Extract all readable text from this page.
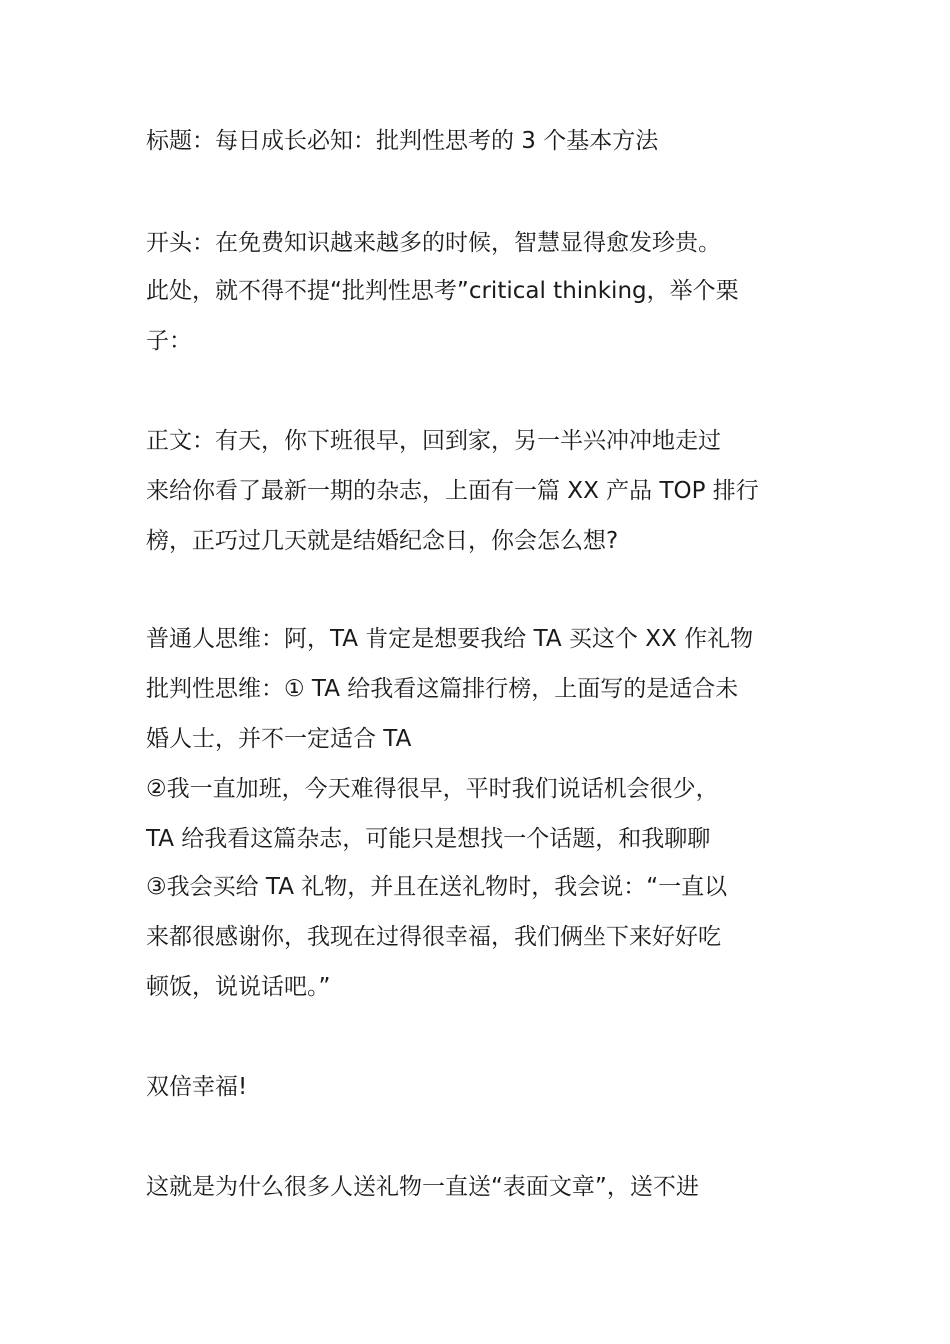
标题：每日成长必知：批判性思考的 3 个基本方法
开头：在免费知识越来越多的时候，智慧显得愈发珍贵。
此处，就不得不提“批判性思考”critical thinking，举个栗
子：
正文：有天，你下班很早，回到家，另一半兴冲冲地走过
来给你看了最新一期的杂志，上面有一篇 XX 产品 TOP 排行
榜，正巧过几天就是结婚纪念日，你会怎么想?
普通人思维：阿，TA 肯定是想要我给 TA 买这个 XX 作礼物
批判性思维：① TA 给我看这篇排行榜，上面写的是适合未
婚人士，并不一定适合 TA
②我一直加班，今天难得很早，平时我们说话机会很少，
TA 给我看这篇杂志，可能只是想找一个话题，和我聊聊
③我会买给 TA 礼物，并且在送礼物时，我会说：“一直以
来都很感谢你，我现在过得很幸福，我们俩坐下来好好吃
顿饭，说说话吧。”
双倍幸福!
这就是为什么很多人送礼物一直送“表面文章”，送不进
